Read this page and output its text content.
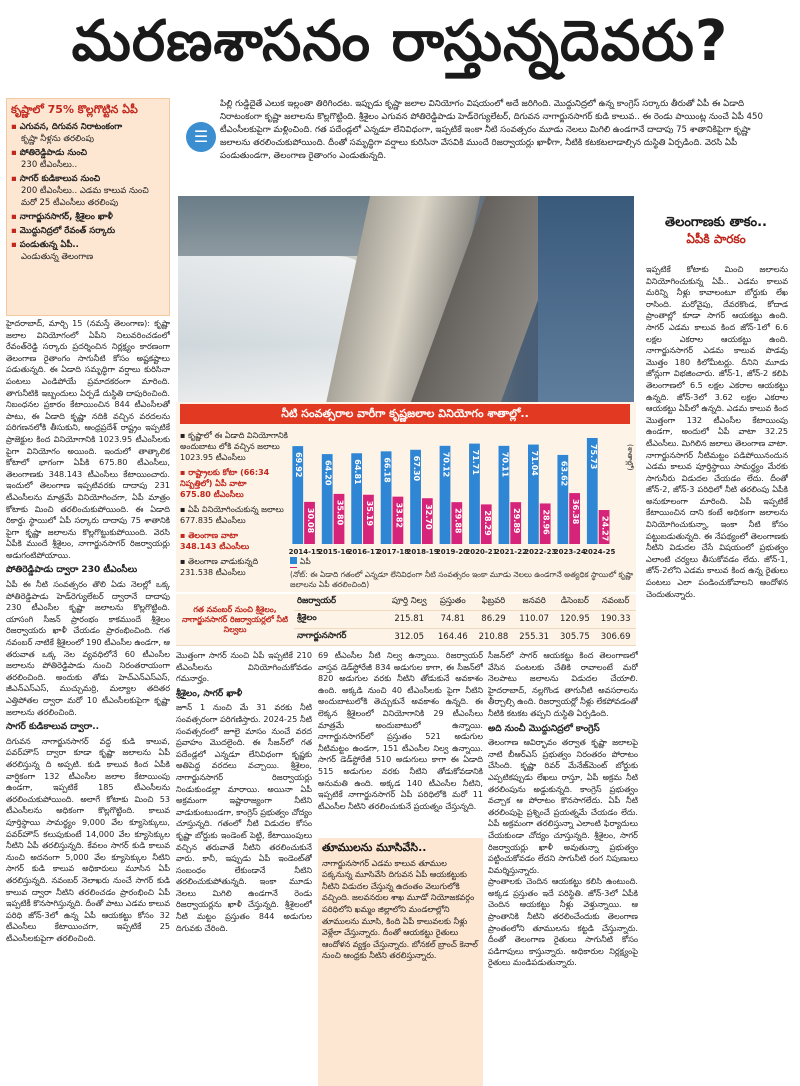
మరణశాసనం రాస్తున్నదెవరు?
కృష్ణాలో 75% కొల్లగొట్టిన ఏపీ
▪ ఎగువన, దిగువన నిరాటంకంగా
కృష్ణా నీళ్లను తరలింపు
▪ పోతిరెడ్డిపాడు నుంచి
230 టీఎంసీలు..
▪ సాగర్ కుడికాలువ నుంచి
200 టీఎంసీలు.. ఎడమ కాలువ నుంచి మరో 25 టీఎంసీలు తరలింపు
▪ నాగార్జునసాగర్, శ్రీశైలం ఖాళీ
▪ మొద్దునిద్రలో రేవంత్ సర్కారు
▪ పండుతున్న ఏపీ..
ఎండుతున్న తెలంగాణ
☰

పిల్లి గుడ్డిదైతే ఎలుక ఇల్లంతా తిరిగిందట. ఇప్పుడు కృష్ణా జలాల వినియోగం విషయంలో అదే జరిగింది. మొద్దునిద్రలో ఉన్న కాంగ్రెస్ సర్కారు తీరుతో ఏపీ ఈ ఏడాది నిరాటంకంగా కృష్ణా జలాలను కొల్లగొట్టింది. శ్రీశైలం ఎగువన పోతిరెడ్డిపాడు హెడ్‌రెగ్యులేటర్, దిగువన నాగార్జునసాగర్ కుడి కాలువ.. ఈ రెండు పాయింట్ల నుంచే ఏపీ 450 టీఎంసీలకుపైగా మళ్లించింది. గత పదేండ్లలో ఎన్నడూ లేనివిధంగా, ఇప్పటికే ఇంకా నీటి సంవత్సరం మూడు నెలలు మిగిలి ఉండగానే దాదాపు 75 శాతానికిపైగా కృష్ణా జలాలను తరలించుకుపోయింది. దీంతో సమృద్ధిగా వర్షాలు కురిసినా వేసవికి ముందే రిజర్వాయర్లు ఖాళీగా, నీటికి కటకటలాడాల్సిన దుస్థితి ఏర్పడింది. వెరసి ఏపీ పండుతుండగా, తెలంగాణ రైతాంగం ఎండుతున్నది.

తెలంగాణకు తాకం..
ఏపీకి పారకం
ఇప్పటికే కోటాకు మించి జలాలను వినియోగించుకున్న ఏపీ.. ఎడమ కాలువ మరిన్ని నీళ్లు కావాలంటూ బోర్డుకు లేఖ రాసింది. మరోవైపు, దేవరకొండ, కోదాడ ప్రాంతాల్లో కూడా సాగర్ ఆయకట్టు ఉంది. సాగర్ ఎడమ కాలువ కింద జోన్-1లో 6.6 లక్షల ఎకరాల ఆయకట్టు ఉంది. నాగార్జునసాగర్ ఎడమ కాలువ పొడవు మొత్తం 180 కిలోమీటర్లు. దీనిని మూడు జోన్లుగా విభజించారు. జోన్-1, జోన్-2 కలిపి తెలంగాణలో 6.5 లక్షల ఎకరాల ఆయకట్టు ఉన్నది. జోన్-3లో 3.62 లక్షల ఎకరాల ఆయకట్టు ఏపీలో ఉన్నది. ఎడమ కాలువ కింద మొత్తంగా 132 టీఎంసీల కేటాయింపు ఉండగా, అందులో ఏపీ వాటా 32.25 టీఎంసీలు. మిగిలిన జలాలు తెలంగాణ వాటా. నాగార్జునసాగర్ నీటిమట్టం పడిపోయినందున ఎడమ కాలువ పూర్తిస్థాయి సామర్థ్యం మేరకు సాగునీరు విడుదల చేయడం లేదు. దీంతో జోన్-2, జోన్-3 పరిధిలో నీటి తరలింపు ఏపీకి అనుకూలంగా మారింది. ఏపీ ఇప్పటికే కేటాయించిన దాని కంటే అధికంగా జలాలను వినియోగించుకున్నా, ఇంకా నీటి కోసం పట్టుబడుతున్నది. ఈ నేపథ్యంలో తెలంగాణకు నీటిని విడుదల చేసే విషయంలో ప్రభుత్వం ఎలాంటి చర్యలు తీసుకోవడం లేదు. జోన్-1, జోన్-2లోని ఎడమ కాలువ కింద ఉన్న రైతులు పంటలు ఎలా పండించుకోవాలని ఆందోళన చెందుతున్నారు.
నీటి సంవత్సరాల వారీగా కృష్ణజలాల వినియోగం శాతాల్లో..
▪ కృష్ణాలో ఈ ఏడాది వినియోగానికి అందుబాటు లోకి వచ్చిన జలాలు
1023.95 టీఎంసీలు
▪ రాష్ట్రాలకు కోటా (66:34 నిష్పత్తిలో) ఏపీ వాటా
675.80 టీఎంసీలు
▪ ఏపీ వినియోగించుకున్న జలాలు
677.835 టీఎంసీలు
▪ తెలంగాణ వాటా
348.143 టీఎంసీలు
▪ తెలంగాణ వాడుకున్నది
231.538 టీఎంసీలు
69.92
30.08
2014-15
64.20
35.80
2015-16
64.81
35.19
2016-17
66.18
33.82
2017-18
67.30
32.70
2018-19
70.12
29.88
2019-20
71.71
28.29
2020-21
70.11
29.89
2021-22
71.04
28.96
2022-23
63.62
36.38
2023-24
75.73
24.27
2024-25
(శాతాల్లో)
ఏపీ
(నోట్: ఈ ఏడాది గతంలో ఎన్నడూ లేనివిధంగా నీటి సంవత్సరం ఇంకా మూడు నెలలు ఉండగానే అత్యధిక స్థాయిలో కృష్ణా జలాలను ఏపీ తరలించింది)
గత నవంబర్ నుంచి శ్రీశైలం, నాగార్జునసాగర్ రిజర్వాయర్లలో నీటి నిల్వలు	రిజర్వాయర్	పూర్తి నిల్వ	ప్రస్తుతం	ఫిబ్రవరి	జనవరి	డిసెంబర్	నవంబర్
	శ్రీశైలం	215.81	74.81	86.29	110.07	120.95	190.33
	నాగార్జునసాగర్	312.05	164.46	210.88	255.31	305.75	306.69
హైదరాబాద్, మార్చి 15 (నమస్తే తెలంగాణ): కృష్ణా జలాల వినియోగంలో ఏపీని నిలువరించడంలో రేవంత్‌రెడ్డి సర్కారు ప్రదర్శించిన నిర్లక్ష్యం కారణంగా తెలంగాణ రైతాంగం సాగునీటి కోసం అష్టకష్టాలు పడుతున్నది. ఈ ఏడాది సమృద్ధిగా వర్షాలు కురిసినా పంటలు ఎండిపోయే ప్రమాదకరంగా మారింది. తాగునీటికి ఇబ్బందులు ఏర్పడే దుస్థితి దాపురించింది. నిబంధనల ప్రకారం కేటాయించిన 844 టీఎంసీలతో పాటు, ఈ ఏడాది కృష్ణా నదికి వచ్చిన వరదలను పరిగణనలోకి తీసుకుని, ఆంధ్రప్రదేశ్ రాష్ట్రం ఇప్పటికే ప్రాజెక్టుల కింద వినియోగానికి 1023.95 టీఎంసీలకు పైగా వినియోగం అయింది. ఇందులో తాత్కాలిక కోటాలో భాగంగా ఏపీకి 675.80 టీఎంసీలు, తెలంగాణకు 348.143 టీఎంసీలు కేటాయించారు. ఇందులో తెలంగాణ ఇప్పటివరకు దాదాపు 231 టీఎంసీలను మాత్రమే వినియోగించగా, ఏపీ మాత్రం కోటాకు మించి తరలించుకుపోయింది. ఈ ఏడాది రికార్డు స్థాయిలో ఏపీ సర్కారు దాదాపు 75 శాతానికి పైగా కృష్ణా జలాలను కొల్లగొట్టుకుపోయింది. వెరసి ఏపీకి ముందే శ్రీశైలం, నాగార్జునసాగర్ రిజర్వాయర్లు అడుగంటిపోయాయి.
పోతిరెడ్డిపాడు ద్వారా 230 టీఎంసీలు
ఏపీ ఈ నీటి సంవత్సరం తొలి ఏడు నెలల్లో ఒక్క పోతిరెడ్డిపాడు హెడ్‌రెగ్యులేటర్ ద్వారానే దాదాపు 230 టీఎంసీల కృష్ణా జలాలను కొల్లగొట్టింది. యాసంగి సీజన్ ప్రారంభం కాకముందే శ్రీశైలం రిజర్వాయరు ఖాళీ చేయడం ప్రారంభించింది. గత నవంబర్ నాటికే శ్రీశైలంలో 190 టీఎంసీల ఉండగా, ఆ తరువాత ఒక్క నెల వ్యవధిలోనే 60 టీఎంసీల జలాలను పోతిరెడ్డిపాడు నుంచి నిరంతరాయంగా తరలించింది. అందుకు తోడు హెచ్‌ఎన్‌ఎస్‌ఎస్, జీఎన్‌ఎస్‌ఎస్, ముచ్చుమర్రి, మల్యాల తదితర ఎత్తిపోతల ద్వారా మరో 10 టీఎంసీలకుపైగా కృష్ణా జలాలను తరలించింది.
సాగర్ కుడికాలువ ద్వారా..
దిగువన నాగార్జునసాగర్ వద్ద కుడి కాలువ, పవర్‌హౌస్ ద్వారా కూడా కృష్ణా జలాలను ఏపీ తరలిస్తున్న ది అప్పటి. కుడి కాలువ కింద ఏపీకి వార్షికంగా 132 టీఎంసీల జలాల కేటాయింపు ఉండగా, ఇప్పటికే 185 టీఎంసీలను తరలించుకుపోయింది. అలాగే కోటాకు మించి 53 టీఎంసీలను అధికంగా కొల్లగొట్టింది. కాలువ పూర్తిస్థాయి సామర్థ్యం 9,000 వేల క్యూసెక్కులు, పవర్‌హౌస్ కలుపుకుంటే 14,000 వేల క్యూసెక్కుల నీటిని ఏపీ తరలిస్తున్నది. కేవలం సాగర్ కుడి కాలువ నుంచి అదనంగా 5,000 వేల క్యూసెక్కుల నీటిని సాగర్ కుడి కాలువ అధికారులు మూసిన ఏపీ తరలిస్తున్నది. నవంబర్ నెలాఖరు నుంచే సాగర్ కుడి కాలువ ద్వారా నీటిని తరలించడం ప్రారంభించి ఏపీ ఇప్పటికీ కొనసాగిస్తున్నది. దీంతో పాటు ఎడమ కాలువ పరిధి జోన్-3లో ఉన్న ఏపీ ఆయకట్టు కోసం 32 టీఎంసీలు కేటాయించగా, ఇప్పటికే 25 టీఎంసీలకుపైగా తరలించింది.
మొత్తంగా సాగర్ నుంచి ఏపీ ఇప్పటికే 210 టీఎంసీలను వినియోగించుకోవడం గమనార్హం.
శ్రీశైలం, సాగర్ ఖాళీ
జూన్ 1 నుంచి మే 31 వరకు నీటి సంవత్సరంగా పరిగణిస్తారు. 2024-25 నీటి సంవత్సరంలో జూలై మాసం నుంచే వరద ప్రవాహం మొదలైంది. ఈ సీజన్‌లో గత పదేండ్లలో ఎన్నడూ లేనివిధంగా కృష్ణకు అతిపెద్ద వరదలు వచ్చాయి. శ్రీశైలం, నాగార్జునసాగర్ రిజర్వాయర్లు నిండుకుండల్లా మారాయి. అయినా ఏపీ అక్రమంగా ఇష్టారాజ్యంగా నీటిని వాడుకుంటుండగా, కాంగ్రెస్ ప్రభుత్వం చోద్యం చూస్తున్నది. గతంలో నీటి విడుదల కోసం కృష్ణా బోర్డుకు ఇండెంట్ పెట్టి, కేటాయింపులు వచ్చిన తరువాతే నీటిని తరలించుకునే వారు. కానీ, ఇప్పుడు ఏపీ ఇండెంట్‌తో సంబంధం లేకుండానే నీటిని తరలించుకుపోతున్నది. ఇంకా మూడు నెలలు మిగిలి ఉండగానే రెండు రిజర్వాయర్లను ఖాళీ చేస్తున్నది. శ్రీశైలంలో నీటి మట్టం ప్రస్తుతం 844 అడుగుల దిగువకు చేరింది.
69 టీఎంసీల నీటి నిల్వ ఉన్నాయి. రిజర్వాయర్ వాస్తవ డెడ్‌స్టోరేజీ 834 అడుగుల కాగా, ఈ సీజన్‌లో 820 అడుగుల వరకు నీటిని తోడుకునే అవకాశం ఉంది. అక్కడి నుంచి 40 టీఎంసీలకు పైగా నీటిని అందుబాటులోకి తెచ్చుకునే అవకాశం ఉన్నది. ఈ లెక్కన శ్రీశైలంలో వినియోగానికి 29 టీఎంసీలు మాత్రమే అందుబాటులో ఉన్నాయి. నాగార్జునసాగర్‌లో ప్రస్తుతం 521 అడుగుల నీటిమట్టం ఉండగా, 151 టీఎంసీల నిల్వ ఉన్నాయి. సాగర్ డెడ్‌స్టోరేజీ 510 అడుగులు కాగా ఈ ఏడాది 515 అడుగుల వరకు నీటిని తోడుకోవడానికి అనుమతి ఉంది. అక్కడ 140 టీఎంసీల నీటిని, ఇప్పటికే నాగార్జునసాగర్ ఏపీ పరిధిలోకి మరో 11 టీఎంసీల నీటిని తరలించుకునే ప్రయత్నం చేస్తున్నది.
తూములను మూసివేసి..
నాగార్జునసాగర్ ఎడమ కాలువ తూముల పక్కనున్న మూసివేసి దిగువన ఏపీ ఆయకట్టుకు నీటిని విడుదల చేస్తున్న ఉదంతం వెలుగులోకి వచ్చింది. జలవనరుల శాఖ మూడో నియోజకవర్గం పరిధిలోని ఖమ్మం జిల్లాలోని మండలాల్లోని తూములను మూసి, కింది ఏపీ కాలువలకు నీళ్లు వెళ్లేలా చేస్తున్నారు. దీంతో ఆయకట్టు రైతులు ఆందోళన వ్యక్తం చేస్తున్నారు. బోనకల్ బ్రాంచ్ కెనాల్ నుంచి ఆంధ్రకు నీటిని తరలిస్తున్నారు.
సీజన్‌లో సాగర్ ఆయకట్టు కింద తెలంగాణలో వేసిన పంటలకు చేతికి రావాలంటే మరో నెలపాటు జలాలను విడుదల చేయాలి. హైదరాబాద్, నల్లగొండ తాగునీటి అవసరాలను తీర్చాల్సి ఉంది. రిజర్వాయర్లో నీళ్లు లేకపోవడంతో నీటికి కటకట తప్పని దుస్థితి ఏర్పడింది.
అది నుంచీ మొద్దునిద్రలో కాంగ్రెస్
తెలంగాణ ఆవిర్భావం తర్వాత కృష్ణా జలాలపై నాటి బీఆర్‌ఎస్ ప్రభుత్వం నిరంతరం పోరాటం చేసింది. కృష్ణా రివర్ మేనేజ్‌మెంట్ బోర్డుకు ఎప్పటికప్పుడు లేఖలు రాస్తూ, ఏపీ అక్రమ నీటి తరలింపును అడ్డుకున్నది. కాంగ్రెస్ ప్రభుత్వం వచ్చాక ఆ పోరాటం కొనసాగలేదు. ఏపీ నీటి తరలింపుపై ప్రశ్నించే ప్రయత్నమే చేయడం లేదు. ఏపీ అక్రమంగా తరలిస్తున్నా ఎలాంటి ఫిర్యాదులు చేయకుండా చోద్యం చూస్తున్నది. శ్రీశైలం, సాగర్ రిజర్వాయర్లు ఖాళీ అవుతున్నా ప్రభుత్వం పట్టించుకోవడం లేదని సాగునీటి రంగ నిపుణులు విమర్శిస్తున్నారు.
ప్రాంతాలకు చెందిన ఆయకట్టు కలిసి ఉంటుంది. అక్కడ ప్రస్తుతం ఇదే పరిస్థితి. జోన్-3లో ఏపీకి చెందిన ఆయకట్టు నీళ్లు వెళ్తున్నాయి. ఆ ప్రాంతానికి నీటిని తరలించేందుకు తెలంగాణ ప్రాంతంలోని తూములను కట్టడి చేస్తున్నారు. దీంతో తెలంగాణ రైతులు సాగునీటి కోసం పడిగాపులు కాస్తున్నారు. అధికారుల నిర్లక్ష్యంపై రైతులు మండిపడుతున్నారు.
